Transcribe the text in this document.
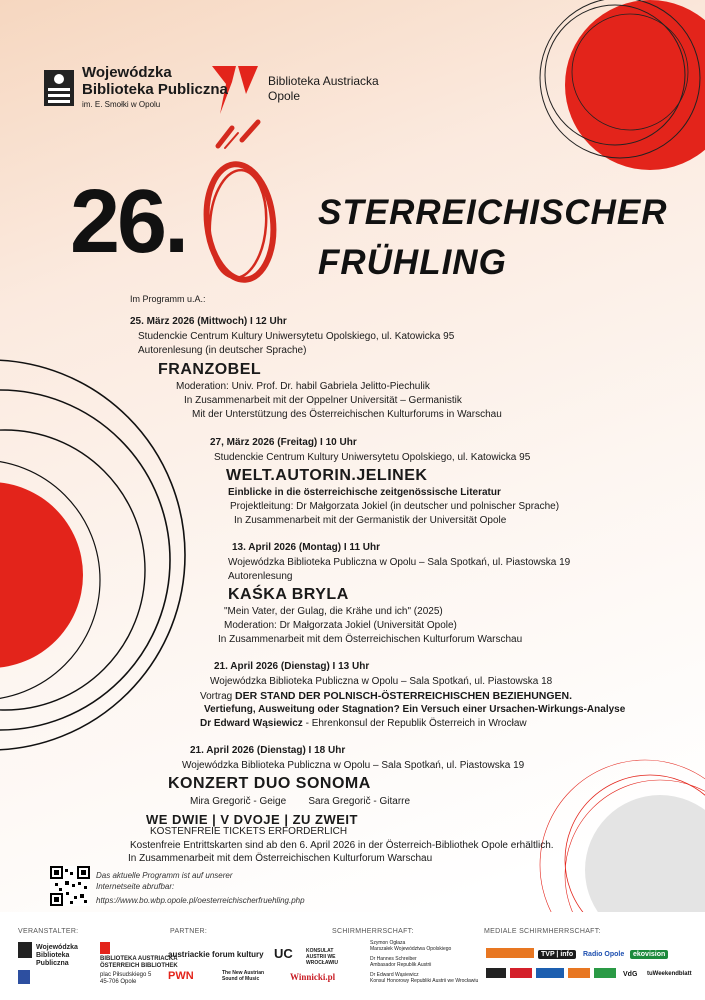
Wojewódzka
Biblioteka Publiczna
im. E. Smołki w Opolu
Biblioteka Austriacka
Opole
26.	STERREICHISCHER
FRÜHLING
Im Programm u.A.:
25. März 2026 (Mittwoch) I 12 Uhr
Studenckie Centrum Kultury Uniwersytetu Opolskiego, ul. Katowicka 95
Autorenlesung (in deutscher Sprache)
FRANZOBEL
Moderation: Univ. Prof. Dr. habil Gabriela Jelitto-Piechulik
In Zusammenarbeit mit der Oppelner Universität – Germanistik
Mit der Unterstützung des Österreichischen Kulturforums in Warschau
27, März 2026 (Freitag) I 10 Uhr
Studenckie Centrum Kultury Uniwersytetu Opolskiego, ul. Katowicka 95
WELT.AUTORIN.JELINEK
Einblicke in die österreichische zeitgenössische Literatur
Projektleitung: Dr Małgorzata Jokiel (in deutscher und polnischer Sprache)
In Zusammenarbeit mit der Germanistik der Universität Opole
13. April 2026 (Montag) I 11 Uhr
Wojewódzka Biblioteka Publiczna w Opolu – Sala Spotkań, ul. Piastowska 19
Autorenlesung
KAŚKA BRYLA
"Mein Vater, der Gulag, die Krähe und ich" (2025)
Moderation: Dr Małgorzata Jokiel (Universität Opole)
In Zusammenarbeit mit dem Österreichischen Kulturforum Warschau
21. April 2026 (Dienstag) I 13 Uhr
Wojewódzka Biblioteka Publiczna w Opolu – Sala Spotkań, ul. Piastowska 18
Vortrag DER STAND DER POLNISCH-ÖSTERREICHISCHEN BEZIEHUNGEN.
Vertiefung, Ausweitung oder Stagnation? Ein Versuch einer Ursachen-Wirkungs-Analyse
Dr Edward Wąsiewicz - Ehrenkonsul der Republik Österreich in Wrocław
21. April 2026 (Dienstag) I 18 Uhr
Wojewódzka Biblioteka Publiczna w Opolu – Sala Spotkań, ul. Piastowska 19
KONZERT DUO SONOMA
Mira Gregorič - Geige        Sara Gregorič - Gitarre
WE DWIE | V DVOJE | ZU ZWEIT
KOSTENFREIE TICKETS ERFORDERLICH
Kostenfreie Entrittskarten sind ab den 6. April 2026 in der Österreich-Bibliothek Opole erhältlich.
In Zusammenarbeit mit dem Österreichischen Kulturforum Warschau
Das aktuelle Programm ist auf unserer
Internetseite abrufbar:
https://www.bo.wbp.opole.pl/oesterreichischerfruehling.php
VERANSTALTER:	PARTNER:	SCHIRMHERRSCHAFT:	MEDIALE SCHIRMHERRSCHAFT:
Wojewódzka Biblioteka Publiczna
BIBLIOTEKA AUSTRIACKA
ÖSTERREICH BIBLIOTHEK
plac Piłsudskiego 5
45-706 Opole
austriackie forum kultury UC	KONSULAT AUSTRII WE WROCŁAWIU
PWN	The New Austrian Sound of Music	Winnicki.pl
Szymon Ogłaza
Marszałek Województwa Opolskiego
Dr Hannes Schreiber
Ambasador Republik Austrii
Dr Edward Wąsiewicz
Konsul Honorowy Republiki Austrii we Wrocławiu
TVP | info	Radio Opole	ekovision
VdG	tuWeekendblatt
